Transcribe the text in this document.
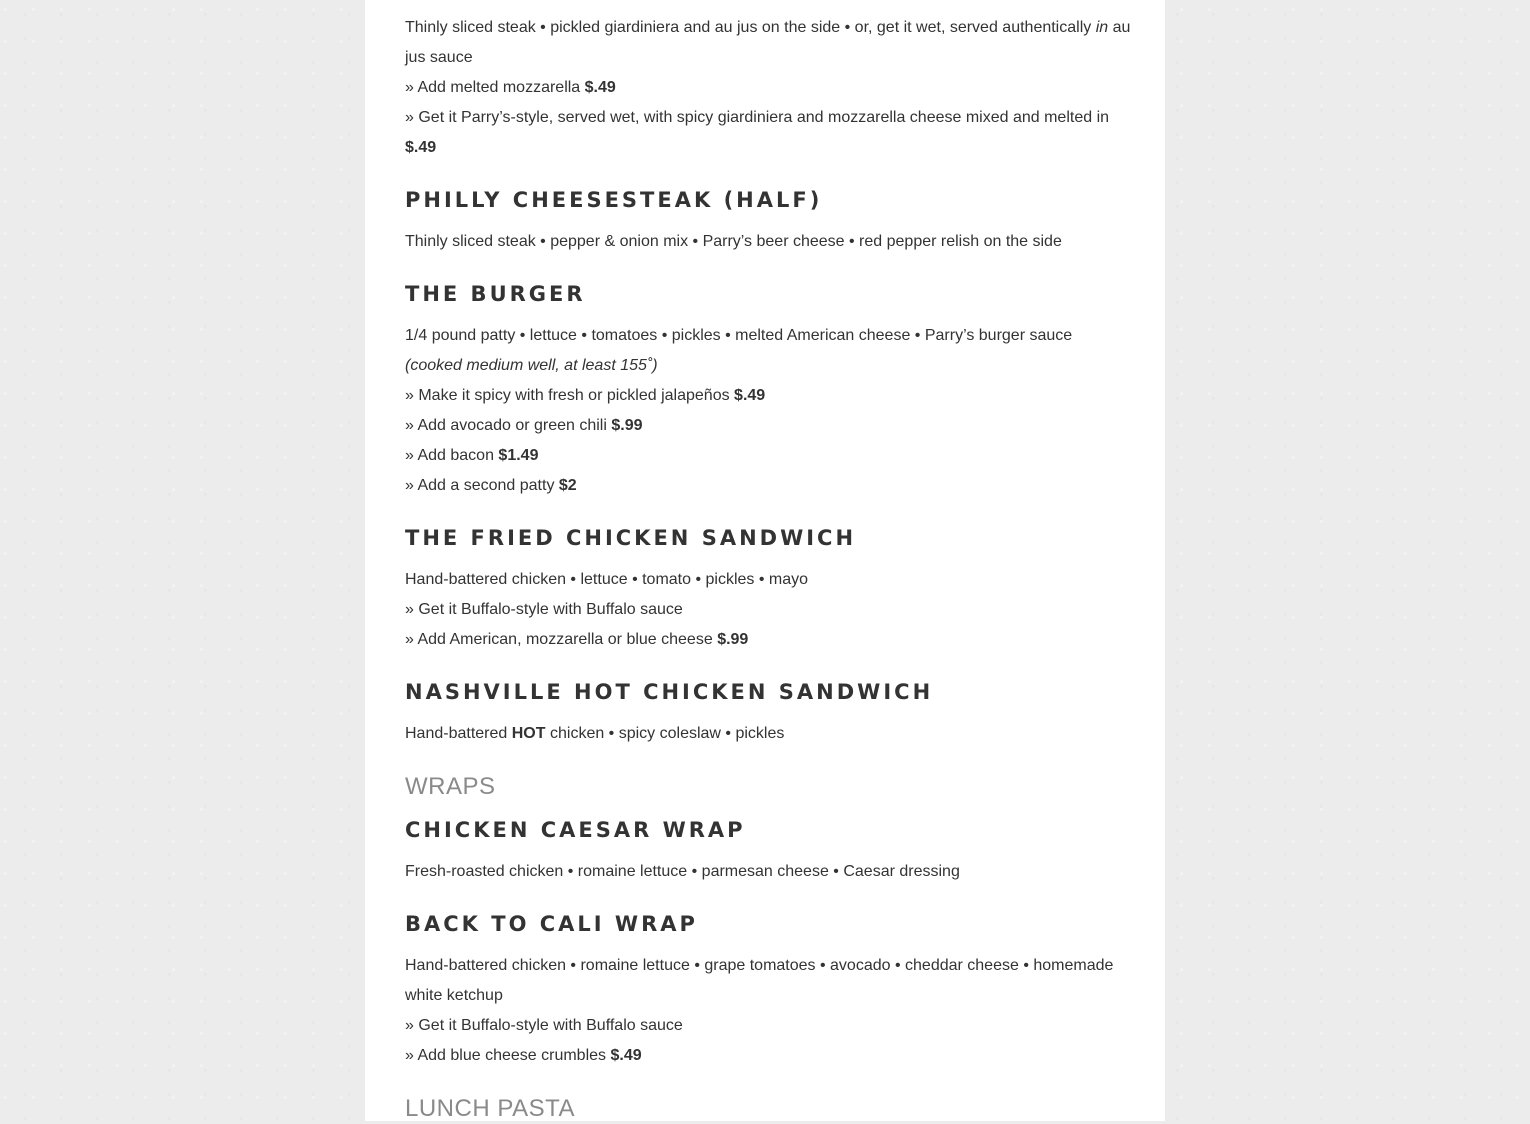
Thinly sliced steak • pickled giardiniera and au jus on the side • or, get it wet, served authentically in au
jus sauce
» Add melted mozzarella $.49
» Get it Parry’s-style, served wet, with spicy giardiniera and mozzarella cheese mixed and melted in
$.49
PHILLY CHEESESTEAK (HALF)
Thinly sliced steak • pepper & onion mix • Parry’s beer cheese • red pepper relish on the side
THE BURGER
1/4 pound patty • lettuce • tomatoes • pickles • melted American cheese • Parry’s burger sauce
(cooked medium well, at least 155˚)
» Make it spicy with fresh or pickled jalapeños $.49
» Add avocado or green chili $.99
» Add bacon $1.49
» Add a second patty $2
THE FRIED CHICKEN SANDWICH
Hand-battered chicken • lettuce • tomato • pickles • mayo
» Get it Buffalo-style with Buffalo sauce
» Add American, mozzarella or blue cheese $.99
NASHVILLE HOT CHICKEN SANDWICH
Hand-battered HOT chicken • spicy coleslaw • pickles
WRAPS
CHICKEN CAESAR WRAP
Fresh-roasted chicken • romaine lettuce • parmesan cheese • Caesar dressing
BACK TO CALI WRAP
Hand-battered chicken • romaine lettuce • grape tomatoes • avocado • cheddar cheese • homemade
white ketchup
» Get it Buffalo-style with Buffalo sauce
» Add blue cheese crumbles $.49
LUNCH PASTA
